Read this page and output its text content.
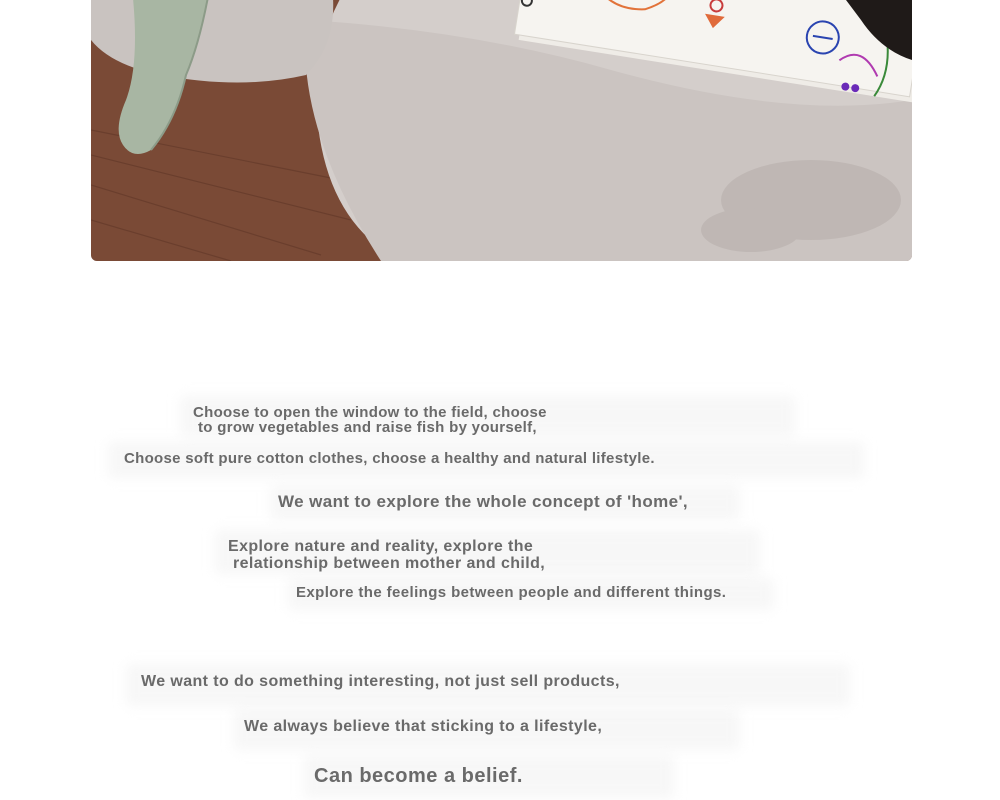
Choose to open the window to the field, choose

to grow vegetables and raise fish by yourself,

Choose soft pure cotton clothes, choose a healthy and natural lifestyle.

We want to explore the whole concept of 'home',

Explore nature and reality, explore the

relationship between mother and child,

Explore the feelings between people and different things.

We want to do something interesting, not just sell products,

We always believe that sticking to a lifestyle,

Can become a belief.
